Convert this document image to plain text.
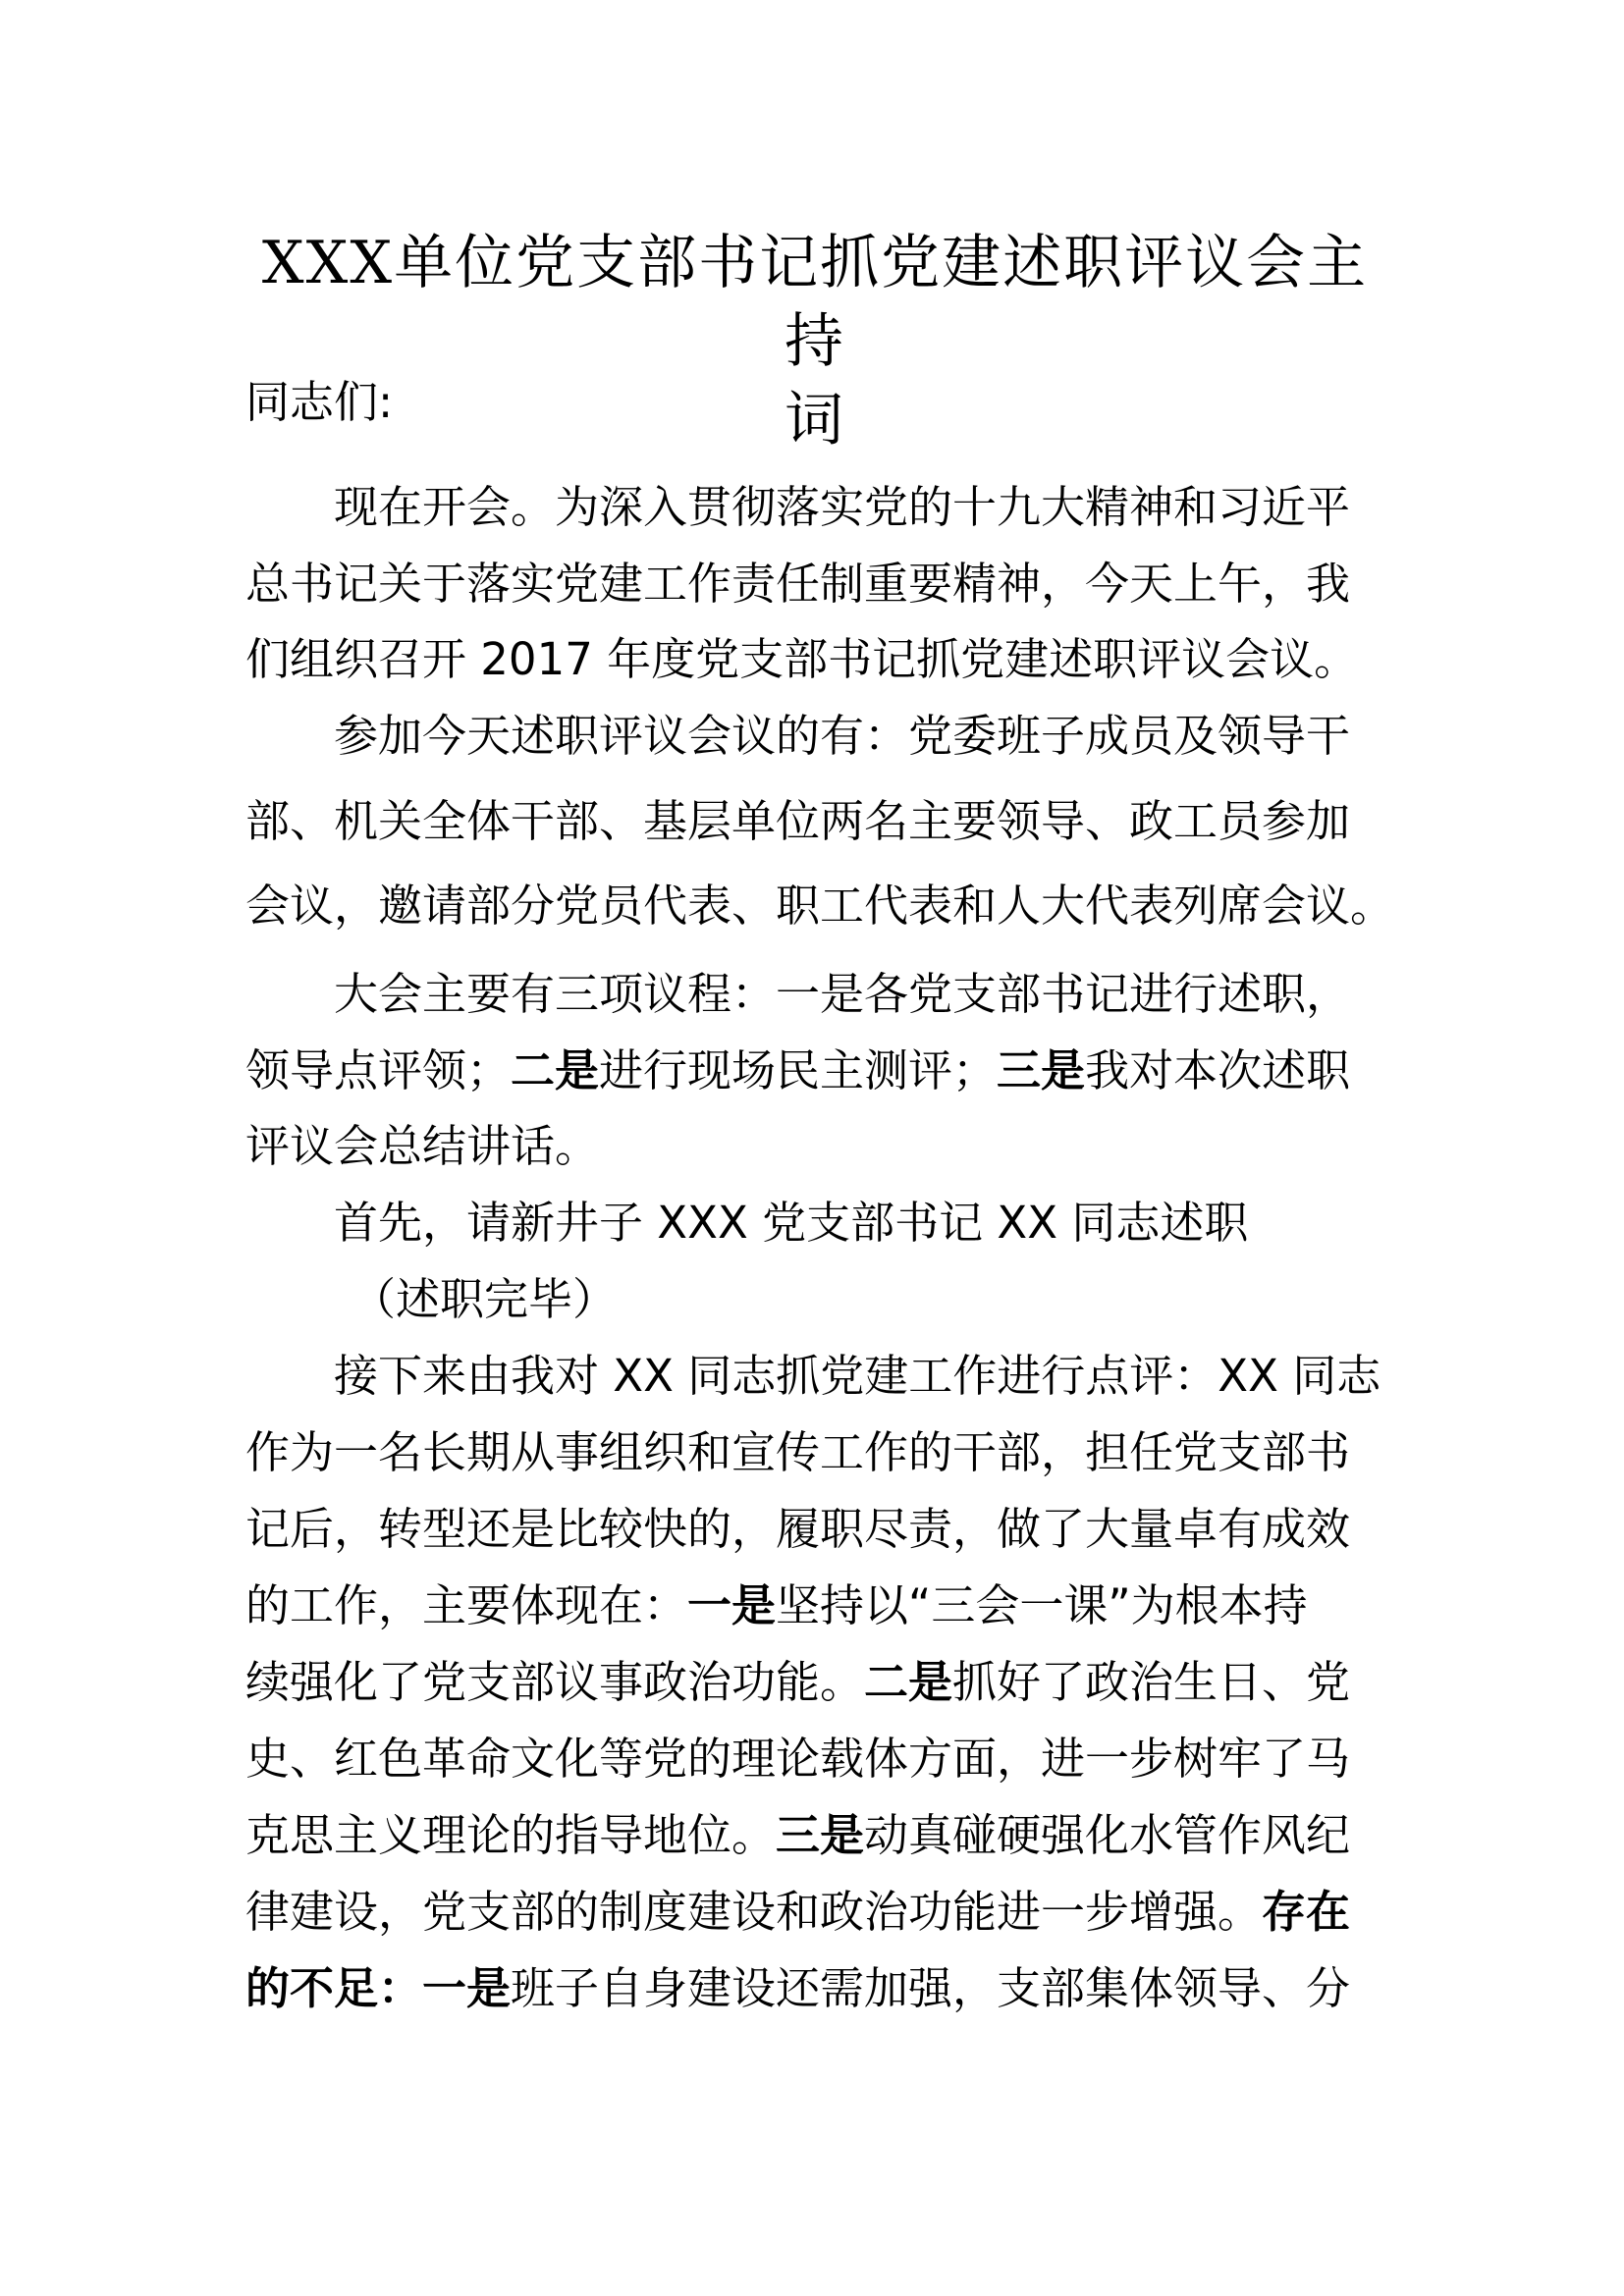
XXX单位党支部书记抓党建述职评议会主持
词

同志们:

现在开会。为深入贯彻落实党的十九大精神和习近平

总书记关于落实党建工作责任制重要精神，今天上午，我

们组织召开 2017 年度党支部书记抓党建述职评议会议。

参加今天述职评议会议的有：党委班子成员及领导干

部、机关全体干部、基层单位两名主要领导、政工员参加

会议，邀请部分党员代表、职工代表和人大代表列席会议。

大会主要有三项议程：一是各党支部书记进行述职，

领导点评领；二是进行现场民主测评；三是我对本次述职

评议会总结讲话。

首先，请新井子 XXX 党支部书记 XX 同志述职

（述职完毕）

接下来由我对 XX 同志抓党建工作进行点评：XX 同志

作为一名长期从事组织和宣传工作的干部，担任党支部书

记后，转型还是比较快的，履职尽责，做了大量卓有成效

的工作，主要体现在：一是坚持以“三会一课”为根本持

续强化了党支部议事政治功能。二是抓好了政治生日、党

史、红色革命文化等党的理论载体方面，进一步树牢了马

克思主义理论的指导地位。三是动真碰硬强化水管作风纪

律建设，党支部的制度建设和政治功能进一步增强。存在

的不足：一是班子自身建设还需加强，支部集体领导、分
